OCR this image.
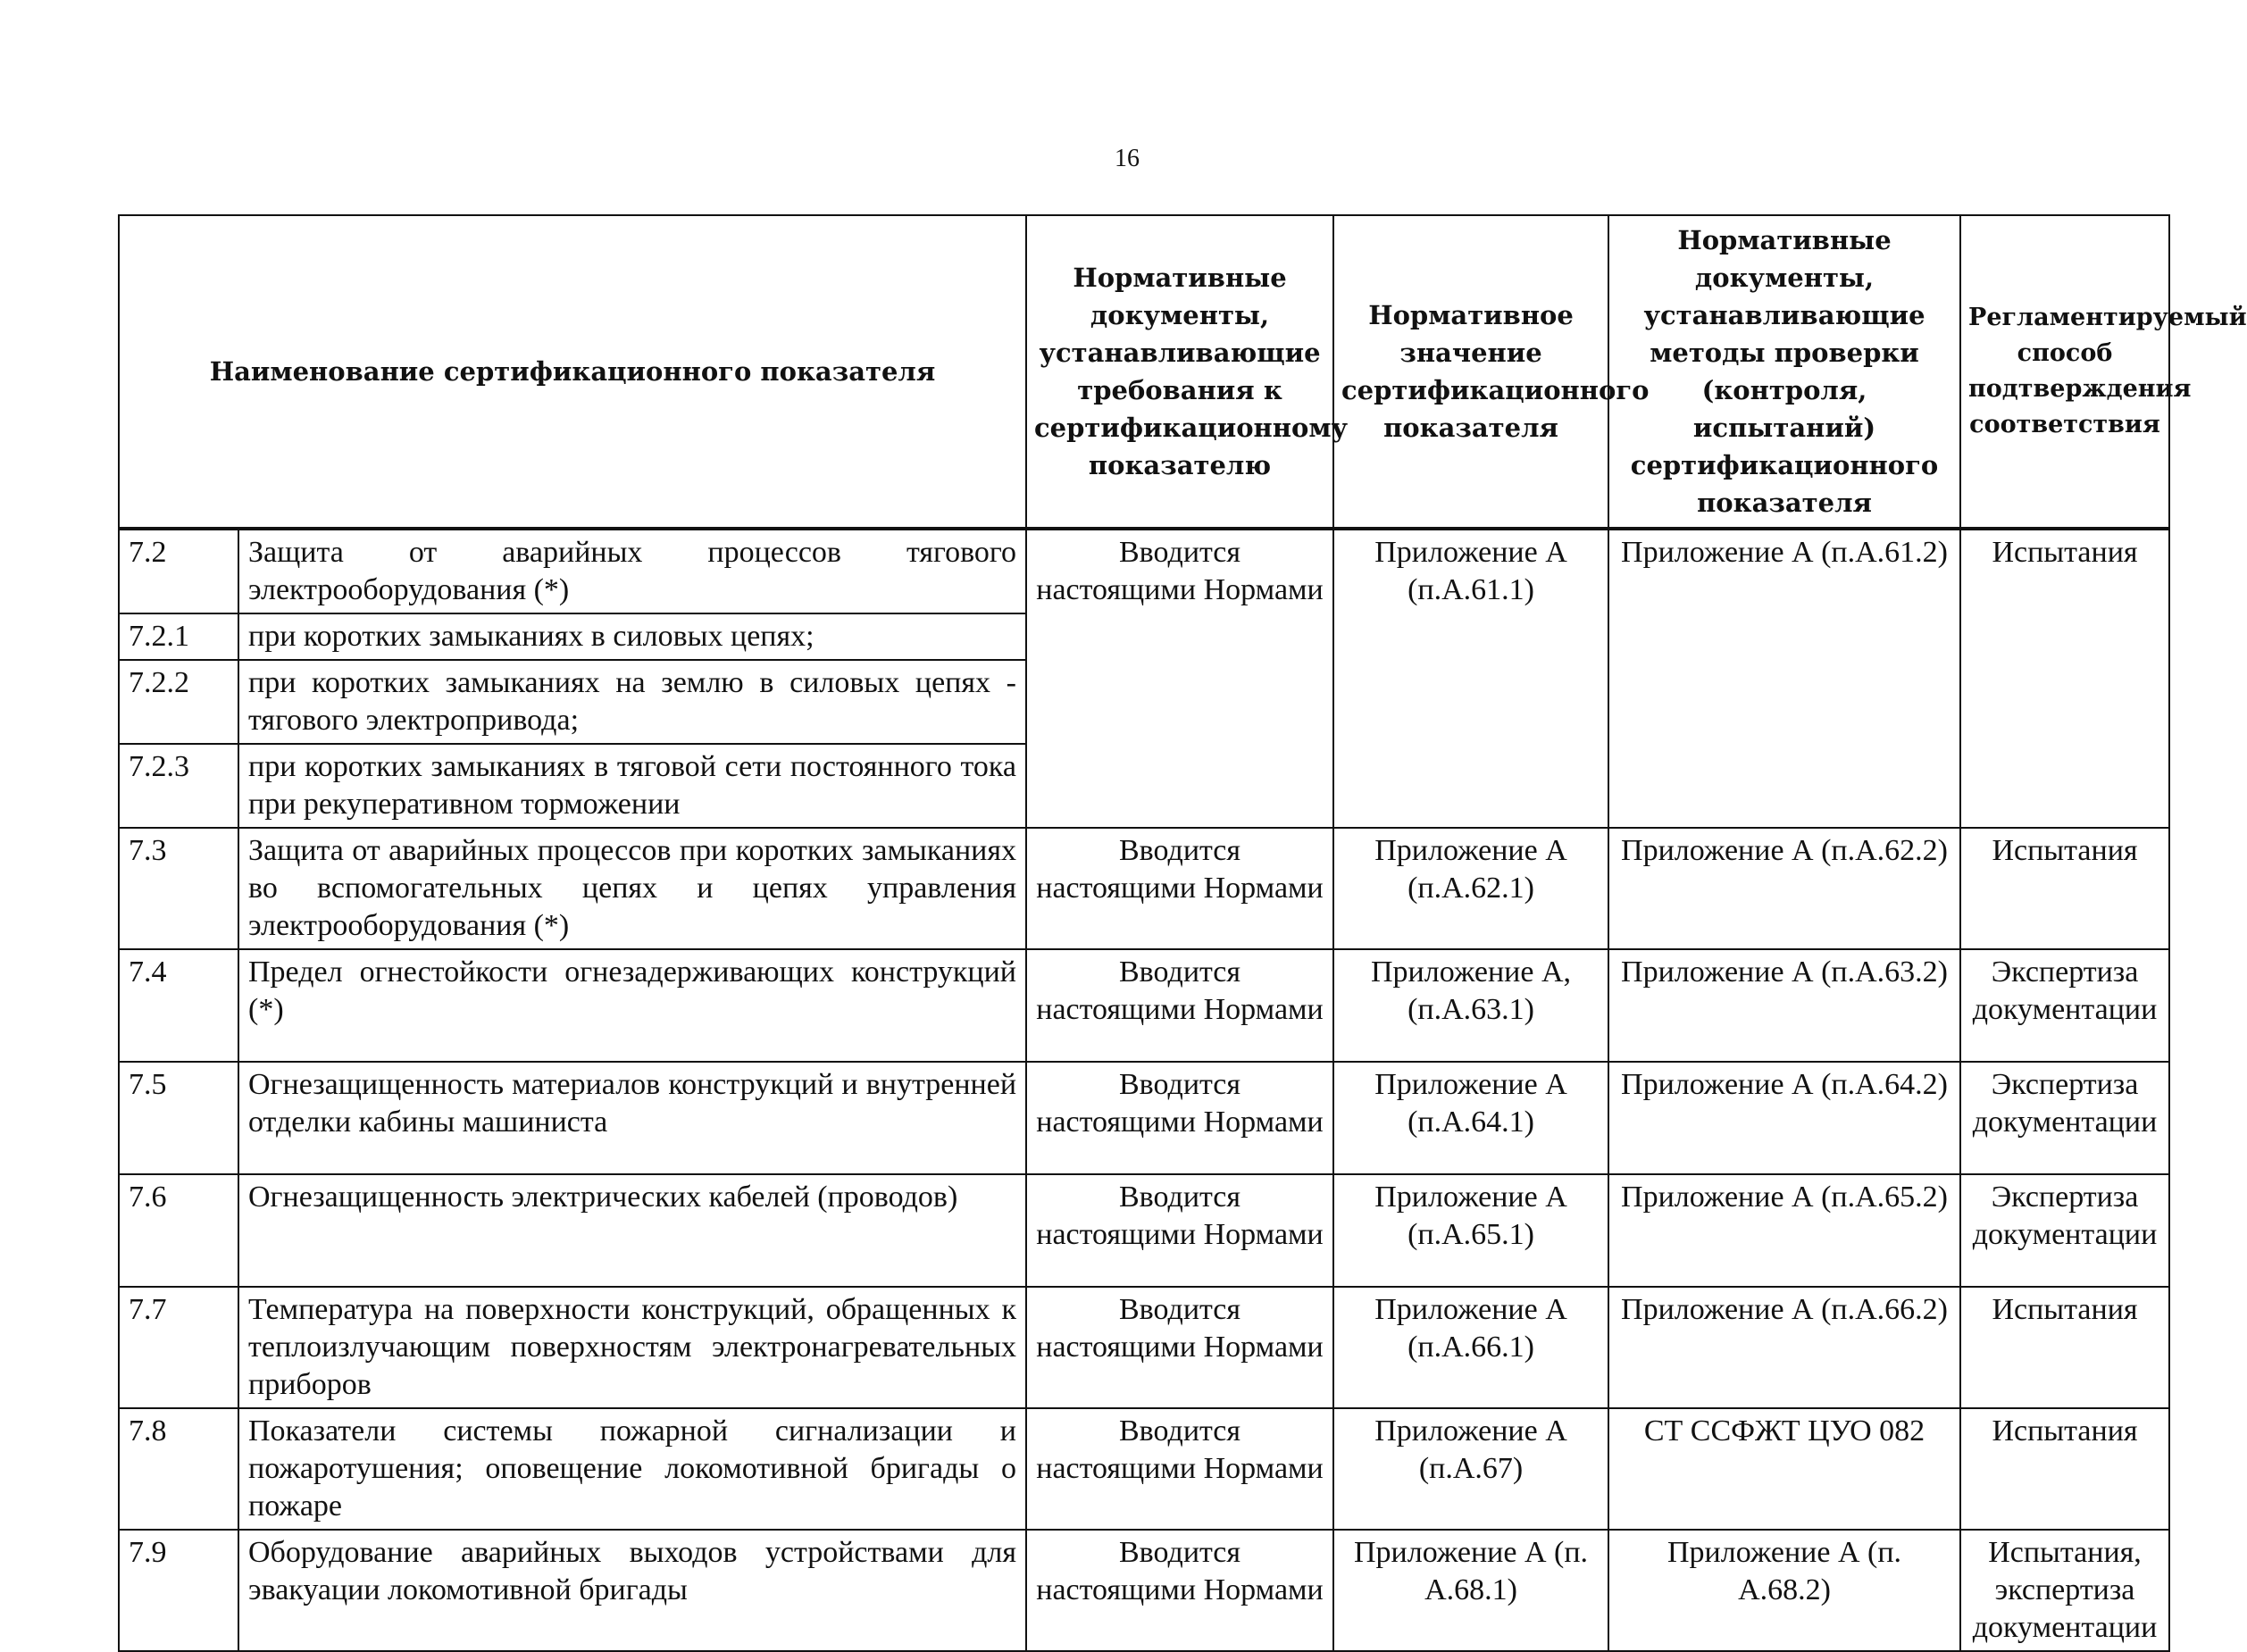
16
Наименование сертификационного показателя		Нормативные документы, устанавливающие требования к сертификационному показателю	Нормативное значение сертификационного показателя	Нормативные документы, устанавливающие методы проверки (контроля, испытаний) сертификационного показателя	Регламентируемый способ подтверждения соответствия
7.2	Защита от аварийных процессов тягового электрооборудования (*)	Вводится настоящими Нормами	Приложение А (п.А.61.1)	Приложение А (п.А.61.2)	Испытания
7.2.1	при коротких замыканиях в силовых цепях;				
7.2.2	при коротких замыканиях на землю в силовых цепях - тягового электропривода;				
7.2.3	при коротких замыканиях в тяговой сети постоянного тока при рекуперативном торможении				
7.3	Защита от аварийных процессов при коротких замыканиях во вспомогательных цепях и цепях управления электрооборудования (*)	Вводится настоящими Нормами	Приложение А (п.А.62.1)	Приложение А (п.А.62.2)	Испытания
7.4	Предел огнестойкости огнезадерживающих конструкций (*)	Вводится настоящими Нормами	Приложение А, (п.А.63.1)	Приложение А (п.А.63.2)	Экспертиза документации
7.5	Огнезащищенность материалов конструкций и внутренней отделки кабины машиниста	Вводится настоящими Нормами	Приложение А (п.А.64.1)	Приложение А (п.А.64.2)	Экспертиза документации
7.6	Огнезащищенность электрических кабелей (проводов)	Вводится настоящими Нормами	Приложение А (п.А.65.1)	Приложение А (п.А.65.2)	Экспертиза документации
7.7	Температура на поверхности конструкций, обращенных к теплоизлучающим поверхностям электронагревательных приборов	Вводится настоящими Нормами	Приложение А (п.А.66.1)	Приложение А (п.А.66.2)	Испытания
7.8	Показатели системы пожарной сигнализации и пожаротушения; оповещение локомотивной бригады о пожаре	Вводится настоящими Нормами	Приложение А (п.А.67)	СТ ССФЖТ ЦУО 082	Испытания
7.9	Оборудование аварийных выходов устройствами для эвакуации локомотивной бригады	Вводится настоящими Нормами	Приложение А (п. А.68.1)	Приложение А (п. А.68.2)	Испытания, экспертиза документации
